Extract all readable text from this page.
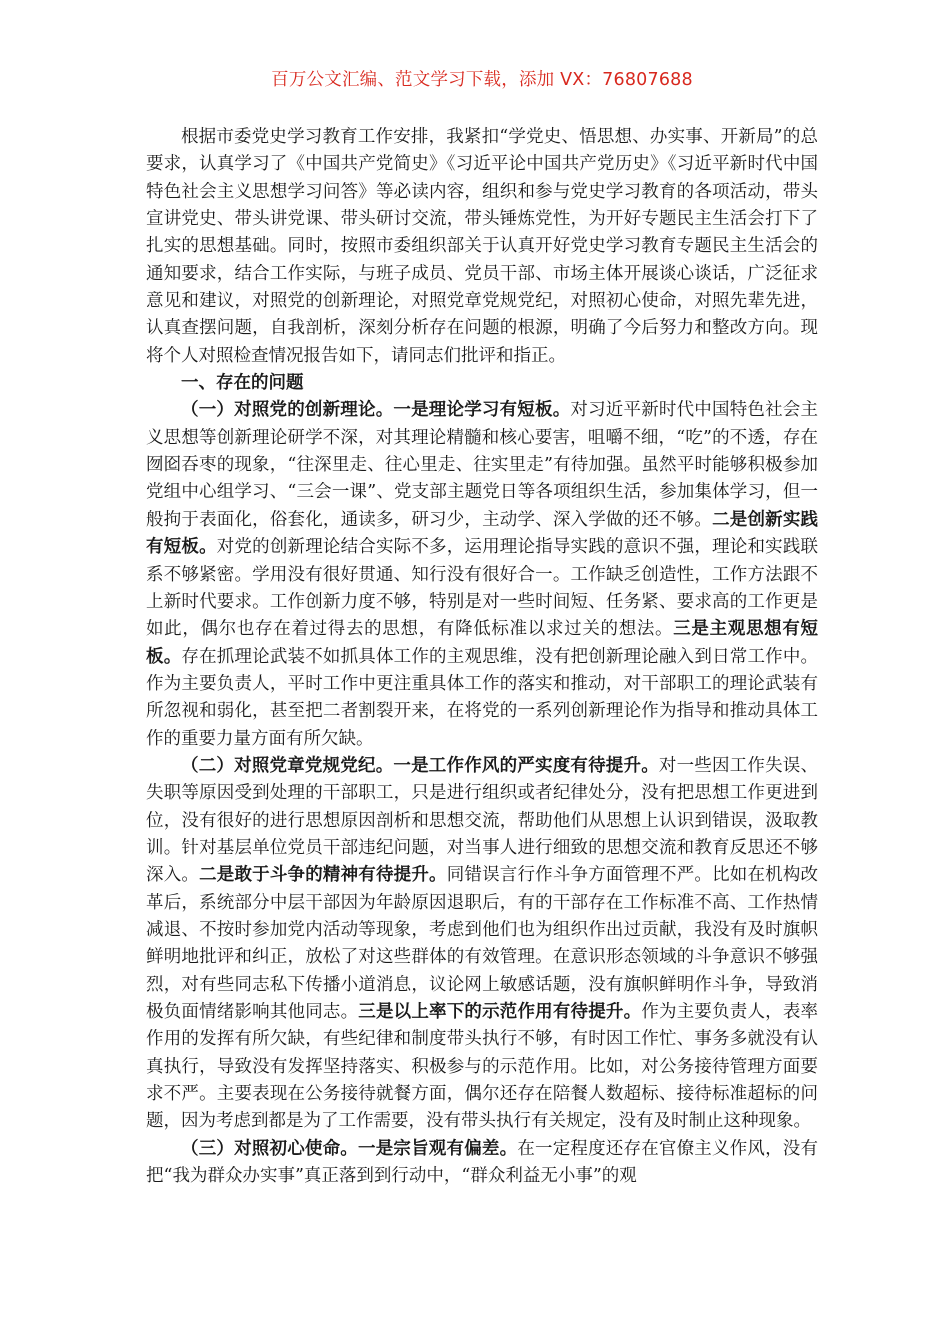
百万公文汇编、范文学习下载，添加 VX：76807688

根据市委党史学习教育工作安排，我紧扣“学党史、悟思想、办实事、开新局”的总要求，认真学习了《中国共产党简史》《习近平论中国共产党历史》《习近平新时代中国特色社会主义思想学习问答》等必读内容，组织和参与党史学习教育的各项活动，带头宣讲党史、带头讲党课、带头研讨交流，带头锤炼党性，为开好专题民主生活会打下了扎实的思想基础。同时，按照市委组织部关于认真开好党史学习教育专题民主生活会的通知要求，结合工作实际，与班子成员、党员干部、市场主体开展谈心谈话，广泛征求意见和建议，对照党的创新理论，对照党章党规党纪，对照初心使命，对照先辈先进，认真查摆问题，自我剖析，深刻分析存在问题的根源，明确了今后努力和整改方向。现将个人对照检查情况报告如下，请同志们批评和指正。

一、存在的问题

（一）对照党的创新理论。一是理论学习有短板。对习近平新时代中国特色社会主义思想等创新理论研学不深，对其理论精髓和核心要害，咀嚼不细，“吃”的不透，存在囫囵吞枣的现象，“往深里走、往心里走、往实里走”有待加强。虽然平时能够积极参加党组中心组学习、“三会一课”、党支部主题党日等各项组织生活，参加集体学习，但一般拘于表面化，俗套化，通读多，研习少，主动学、深入学做的还不够。二是创新实践有短板。对党的创新理论结合实际不多，运用理论指导实践的意识不强，理论和实践联系不够紧密。学用没有很好贯通、知行没有很好合一。工作缺乏创造性，工作方法跟不上新时代要求。工作创新力度不够，特别是对一些时间短、任务紧、要求高的工作更是如此，偶尔也存在着过得去的思想，有降低标准以求过关的想法。三是主观思想有短板。存在抓理论武装不如抓具体工作的主观思维，没有把创新理论融入到日常工作中。作为主要负责人，平时工作中更注重具体工作的落实和推动，对干部职工的理论武装有所忽视和弱化，甚至把二者割裂开来，在将党的一系列创新理论作为指导和推动具体工作的重要力量方面有所欠缺。

（二）对照党章党规党纪。一是工作作风的严实度有待提升。对一些因工作失误、失职等原因受到处理的干部职工，只是进行组织或者纪律处分，没有把思想工作更进到位，没有很好的进行思想原因剖析和思想交流，帮助他们从思想上认识到错误，汲取教训。针对基层单位党员干部违纪问题，对当事人进行细致的思想交流和教育反思还不够深入。二是敢于斗争的精神有待提升。同错误言行作斗争方面管理不严。比如在机构改革后，系统部分中层干部因为年龄原因退职后，有的干部存在工作标准不高、工作热情减退、不按时参加党内活动等现象，考虑到他们也为组织作出过贡献，我没有及时旗帜鲜明地批评和纠正，放松了对这些群体的有效管理。在意识形态领域的斗争意识不够强烈，对有些同志私下传播小道消息，议论网上敏感话题，没有旗帜鲜明作斗争，导致消极负面情绪影响其他同志。三是以上率下的示范作用有待提升。作为主要负责人，表率作用的发挥有所欠缺，有些纪律和制度带头执行不够，有时因工作忙、事务多就没有认真执行，导致没有发挥坚持落实、积极参与的示范作用。比如，对公务接待管理方面要求不严。主要表现在公务接待就餐方面，偶尔还存在陪餐人数超标、接待标准超标的问题，因为考虑到都是为了工作需要，没有带头执行有关规定，没有及时制止这种现象。

（三）对照初心使命。一是宗旨观有偏差。在一定程度还存在官僚主义作风，没有把“我为群众办实事”真正落到到行动中，“群众利益无小事”的观
